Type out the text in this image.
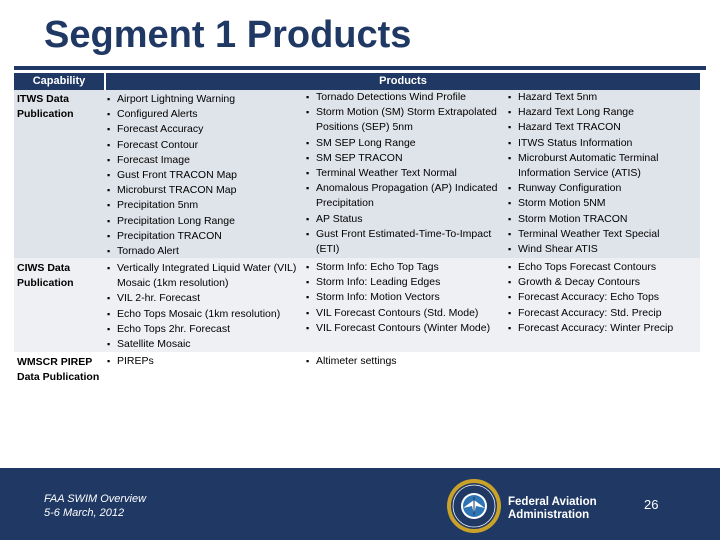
Segment 1 Products
Capability	Products
ITWS Data Publication
▪ Airport Lightning Warning
▪ Configured Alerts
▪ Forecast Accuracy
▪ Forecast Contour
▪ Forecast Image
▪ Gust Front TRACON Map
▪ Microburst TRACON Map
▪ Precipitation 5nm
▪ Precipitation Long Range
▪ Precipitation TRACON
▪ Tornado Alert
▪ Tornado Detections Wind Profile
▪ Storm Motion (SM) Storm Extrapolated Positions (SEP) 5nm
▪ SM SEP Long Range
▪ SM SEP TRACON
▪ Terminal Weather Text Normal
▪ Anomalous Propagation (AP) Indicated Precipitation
▪ AP Status
▪ Gust Front Estimated-Time-To-Impact (ETI)
▪ Hazard Text 5nm
▪ Hazard Text Long Range
▪ Hazard Text TRACON
▪ ITWS Status Information
▪ Microburst Automatic Terminal Information Service (ATIS)
▪ Runway Configuration
▪ Storm Motion 5NM
▪ Storm Motion TRACON
▪ Terminal Weather Text Special
▪ Wind Shear ATIS
CIWS Data Publication
▪ Vertically Integrated Liquid Water (VIL) Mosaic (1km resolution)
▪ VIL 2-hr. Forecast
▪ Echo Tops Mosaic (1km resolution)
▪ Echo Tops 2hr. Forecast
▪ Satellite Mosaic
▪ Storm Info: Echo Top Tags
▪ Storm Info: Leading Edges
▪ Storm Info: Motion Vectors
▪ VIL Forecast Contours (Std. Mode)
▪ VIL Forecast Contours (Winter Mode)
▪ Echo Tops Forecast Contours
▪ Growth & Decay Contours
▪ Forecast Accuracy: Echo Tops
▪ Forecast Accuracy: Std. Precip
▪ Forecast Accuracy: Winter Precip
WMSCR PIREP Data Publication
▪ PIREPs
▪	Altimeter settings
FAA SWIM Overview
5-6 March, 2012
Federal Aviation
Administration
26
